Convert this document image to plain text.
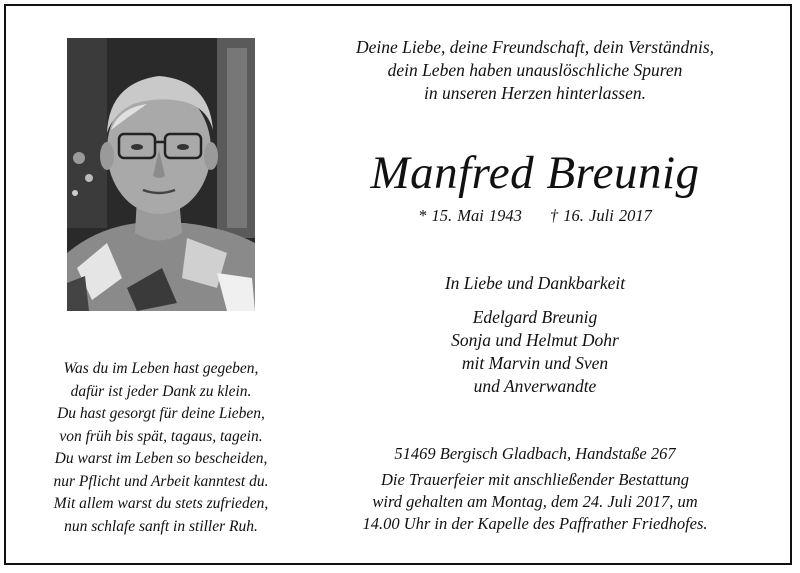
Deine Liebe, deine Freundschaft, dein Verständnis,
dein Leben haben unauslöschliche Spuren
in unseren Herzen hinterlassen.
Manfred Breunig
* 15. Mai 1943 † 16. Juli 2017
In Liebe und Dankbarkeit
Edelgard Breunig
Sonja und Helmut Dohr
mit Marvin und Sven
und Anverwandte
51469 Bergisch Gladbach, Handstaße 267
Die Trauerfeier mit anschließender Bestattung
wird gehalten am Montag, dem 24. Juli 2017, um
14.00 Uhr in der Kapelle des Paffrather Friedhofes.
Was du im Leben hast gegeben,
dafür ist jeder Dank zu klein.
Du hast gesorgt für deine Lieben,
von früh bis spät, tagaus, tagein.
Du warst im Leben so bescheiden,
nur Pflicht und Arbeit kanntest du.
Mit allem warst du stets zufrieden,
nun schlafe sanft in stiller Ruh.
